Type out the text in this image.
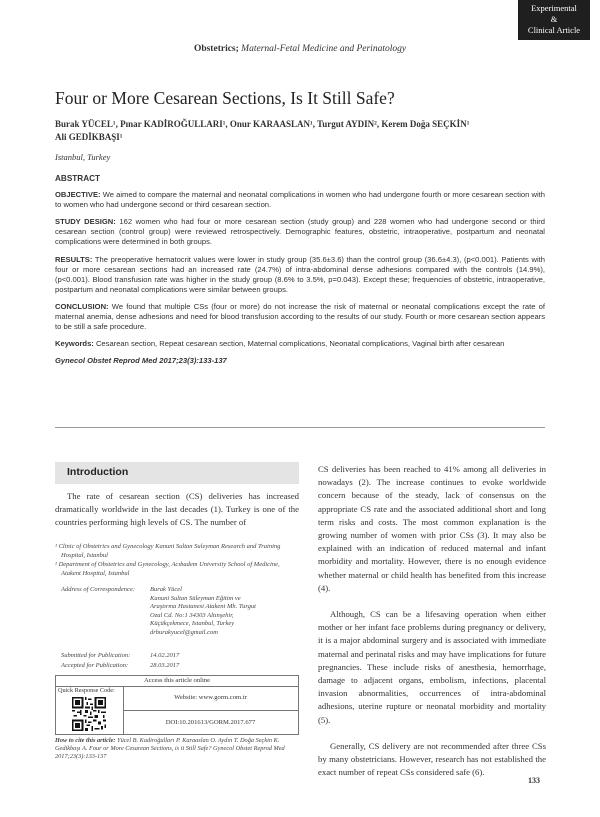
Experimental
&
Clinical Article
Obstetrics; Maternal-Fetal Medicine and Perinatology
Four or More Cesarean Sections, Is It Still Safe?
Burak YÜCEL¹, Pınar KADİROĞULLARI¹, Onur KARAASLAN¹, Turgut AYDIN², Kerem Doğa SEÇKİN¹
Ali GEDİKBAŞI¹
Istanbul, Turkey
ABSTRACT

OBJECTIVE: We aimed to compare the maternal and neonatal complications in women who had undergone fourth or more cesarean section with to women who had undergone second or third cesarean section.

STUDY DESIGN: 162 women who had four or more cesarean section (study group) and 228 women who had undergone second or third cesarean section (control group) were reviewed retrospectively. Demographic features, obstetric, intraoperative, postpartum and neonatal complications were determined in both groups.

RESULTS: The preoperative hematocrit values were lower in study group (35.6±3.6) than the control group (36.6±4.3), (p<0.001). Patients with four or more cesarean sections had an increased rate (24.7%) of intra-abdominal dense adhesions compared with the controls (14.9%), (p<0.001). Blood transfusion rate was higher in the study group (8.6% to 3.5%, p=0.043). Except these; frequencies of obstetric, intraoperative, postpartum and neonatal complications were similar between groups.

CONCLUSION: We found that multiple CSs (four or more) do not increase the risk of maternal or neonatal complications except the rate of maternal anemia, dense adhesions and need for blood transfusion according to the results of our study. Fourth or more cesarean section appears to be still a safe procedure.

Keywords: Cesarean section, Repeat cesarean section, Maternal complications, Neonatal complications, Vaginal birth after cesarean

Gynecol Obstet Reprod Med 2017;23(3):133-137
Introduction

The rate of cesarean section (CS) deliveries has increased dramatically worldwide in the last decades (1). Turkey is one of the countries performing high levels of CS. The number of

¹ Clinic of Obstetrics and Gynecology Kanuni Sultan Suleyman Research and Training Hospital, Istanbul

² Department of Obstetrics and Gynecology, Acıbadem University School of Medicine, Atakent Hospital, Istanbul

Address of Correspondence: Burak Yücel
Kanuni Sultan Süleyman Eğitim ve
Araştırma Hastanesi Atakent Mh. Turgut
Ozal Cd. No:1 34303 Altınşehir,
Küçükçekmece, Istanbul, Turkey
drburakyucel@gmail.com
Submitted for Publication:	14.02.2017
Accepted for Publication:	28.03.2017
Access this article online
Quick Response Code:
Website: www.gorm.com.tr
DOI:10.201613/GORM.2017.677
How to cite this article: Yücel B. Kadiroğulları P. Karaaslan O. Aydın T. Doğa Seçkin K. Gedikbaşı A. Four or More Cesarean Sections, is it Still Safe? Gynecol Obstet Reprod Med 2017;23(3):133-137

CS deliveries has been reached to 41% among all deliveries in nowadays (2). The increase continues to evoke worldwide concern because of the steady, lack of consensus on the appropriate CS rate and the associated additional short and long term risks and costs. The most common explanation is the growing number of women with prior CSs (3). It may also be explained with an indication of reduced maternal and infant morbidity and mortality. However, there is no enough evidence whether maternal or child health has benefited from this increase (4).

Although, CS can be a lifesaving operation when either mother or her infant face problems during pregnancy or delivery, it is a major abdominal surgery and is associated with immediate maternal and perinatal risks and may have implications for future pregnancies. These include risks of anesthesia, hemorrhage, damage to adjacent organs, embolism, infections, placental invasion abnormalities, occurrences of intra-abdominal adhesions, uterine rupture or neonatal morbidity and mortality (5).

Generally, CS delivery are not recommended after three CSs by many obstetricians. However, research has not established the exact number of repeat CSs considered safe (6).

133
